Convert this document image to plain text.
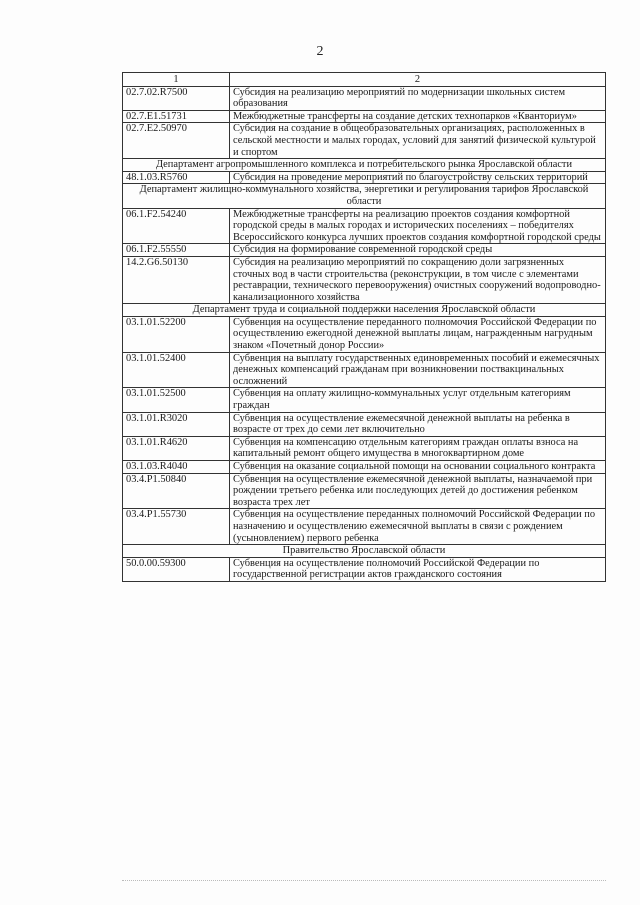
2
1	2
02.7.02.R7500	Субсидия на реализацию мероприятий по модернизации школьных систем образования
02.7.E1.51731	Межбюджетные трансферты на создание детских технопарков «Кванториум»
02.7.E2.50970	Субсидия на создание в общеобразовательных организациях, расположенных в сельской местности и малых городах, условий для занятий физической культурой и спортом
Департамент агропромышленного комплекса и потребительского рынка Ярославской области	
48.1.03.R5760	Субсидия на проведение мероприятий по благоустройству сельских территорий
Департамент жилищно-коммунального хозяйства, энергетики и регулирования тарифов Ярославской области	
06.1.F2.54240	Межбюджетные трансферты на реализацию проектов создания комфортной городской среды в малых городах и исторических поселениях – победителях Всероссийского конкурса лучших проектов создания комфортной городской среды
06.1.F2.55550	Субсидия на формирование современной городской среды
14.2.G6.50130	Субсидия на реализацию мероприятий по сокращению доли загрязненных сточных вод в части строительства (реконструкции, в том числе с элементами реставрации, технического перевооружения) очистных сооружений водопроводно-канализационного хозяйства
Департамент труда и социальной поддержки населения Ярославской области	
03.1.01.52200	Субвенция на осуществление переданного полномочия Российской Федерации по осуществлению ежегодной денежной выплаты лицам, награжденным нагрудным знаком «Почетный донор России»
03.1.01.52400	Субвенция на выплату государственных единовременных пособий и ежемесячных денежных компенсаций гражданам при возникновении поствакцинальных осложнений
03.1.01.52500	Субвенция на оплату жилищно-коммунальных услуг отдельным категориям граждан
03.1.01.R3020	Субвенция на осуществление ежемесячной денежной выплаты на ребенка в возрасте от трех до семи лет включительно
03.1.01.R4620	Субвенция на компенсацию отдельным категориям граждан оплаты взноса на капитальный ремонт общего имущества в многоквартирном доме
03.1.03.R4040	Субвенция на оказание социальной помощи на основании социального контракта
03.4.P1.50840	Субвенция на осуществление ежемесячной денежной выплаты, назначаемой при рождении третьего ребенка или последующих детей до достижения ребенком возраста трех лет
03.4.P1.55730	Субвенция на осуществление переданных полномочий Российской Федерации по назначению и осуществлению ежемесячной выплаты в связи с рождением (усыновлением) первого ребенка
Правительство Ярославской области	
50.0.00.59300	Субвенция на осуществление полномочий Российской Федерации по государственной регистрации актов гражданского состояния
